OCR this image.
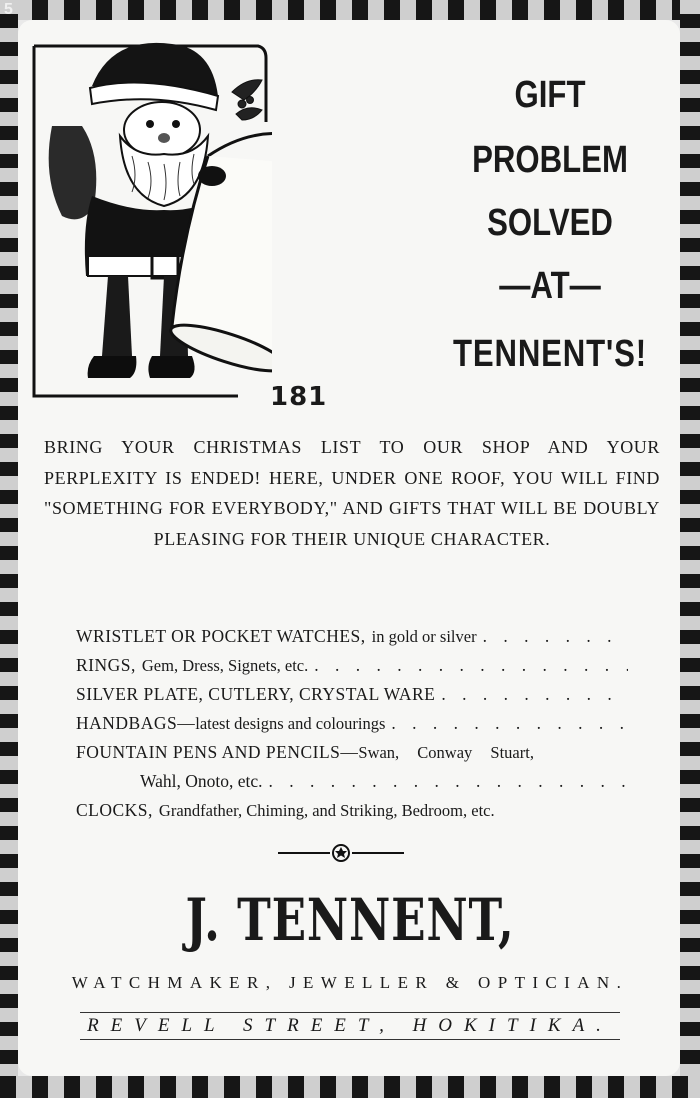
5
181
GIFT
PROBLEM
SOLVED
—AT—
TENNENT'S!
BRING YOUR CHRISTMAS LIST TO OUR SHOP AND YOUR PERPLEXITY IS ENDED! HERE, UNDER ONE ROOF, YOU WILL FIND "SOMETHING FOR EVERYBODY," AND GIFTS THAT WILL BE DOUBLY PLEASING FOR THEIR UNIQUE CHARACTER.
WRISTLET OR POCKET WATCHES, in gold or silver
. . .
RINGS, Gem, Dress, Signets, etc.
. . .
SILVER PLATE, CUTLERY, CRYSTAL WARE
. . .
HANDBAGS— latest designs and colourings
. . .
FOUNTAIN PENS AND PENCILS— Swan, Conway Stuart,
Wahl, Onoto, etc.
. . .
CLOCKS, Grandfather, Chiming, and Striking, Bedroom, etc.
J. TENNENT,
WATCHMAKER, JEWELLER & OPTICIAN.
REVELL STREET, HOKITIKA.
